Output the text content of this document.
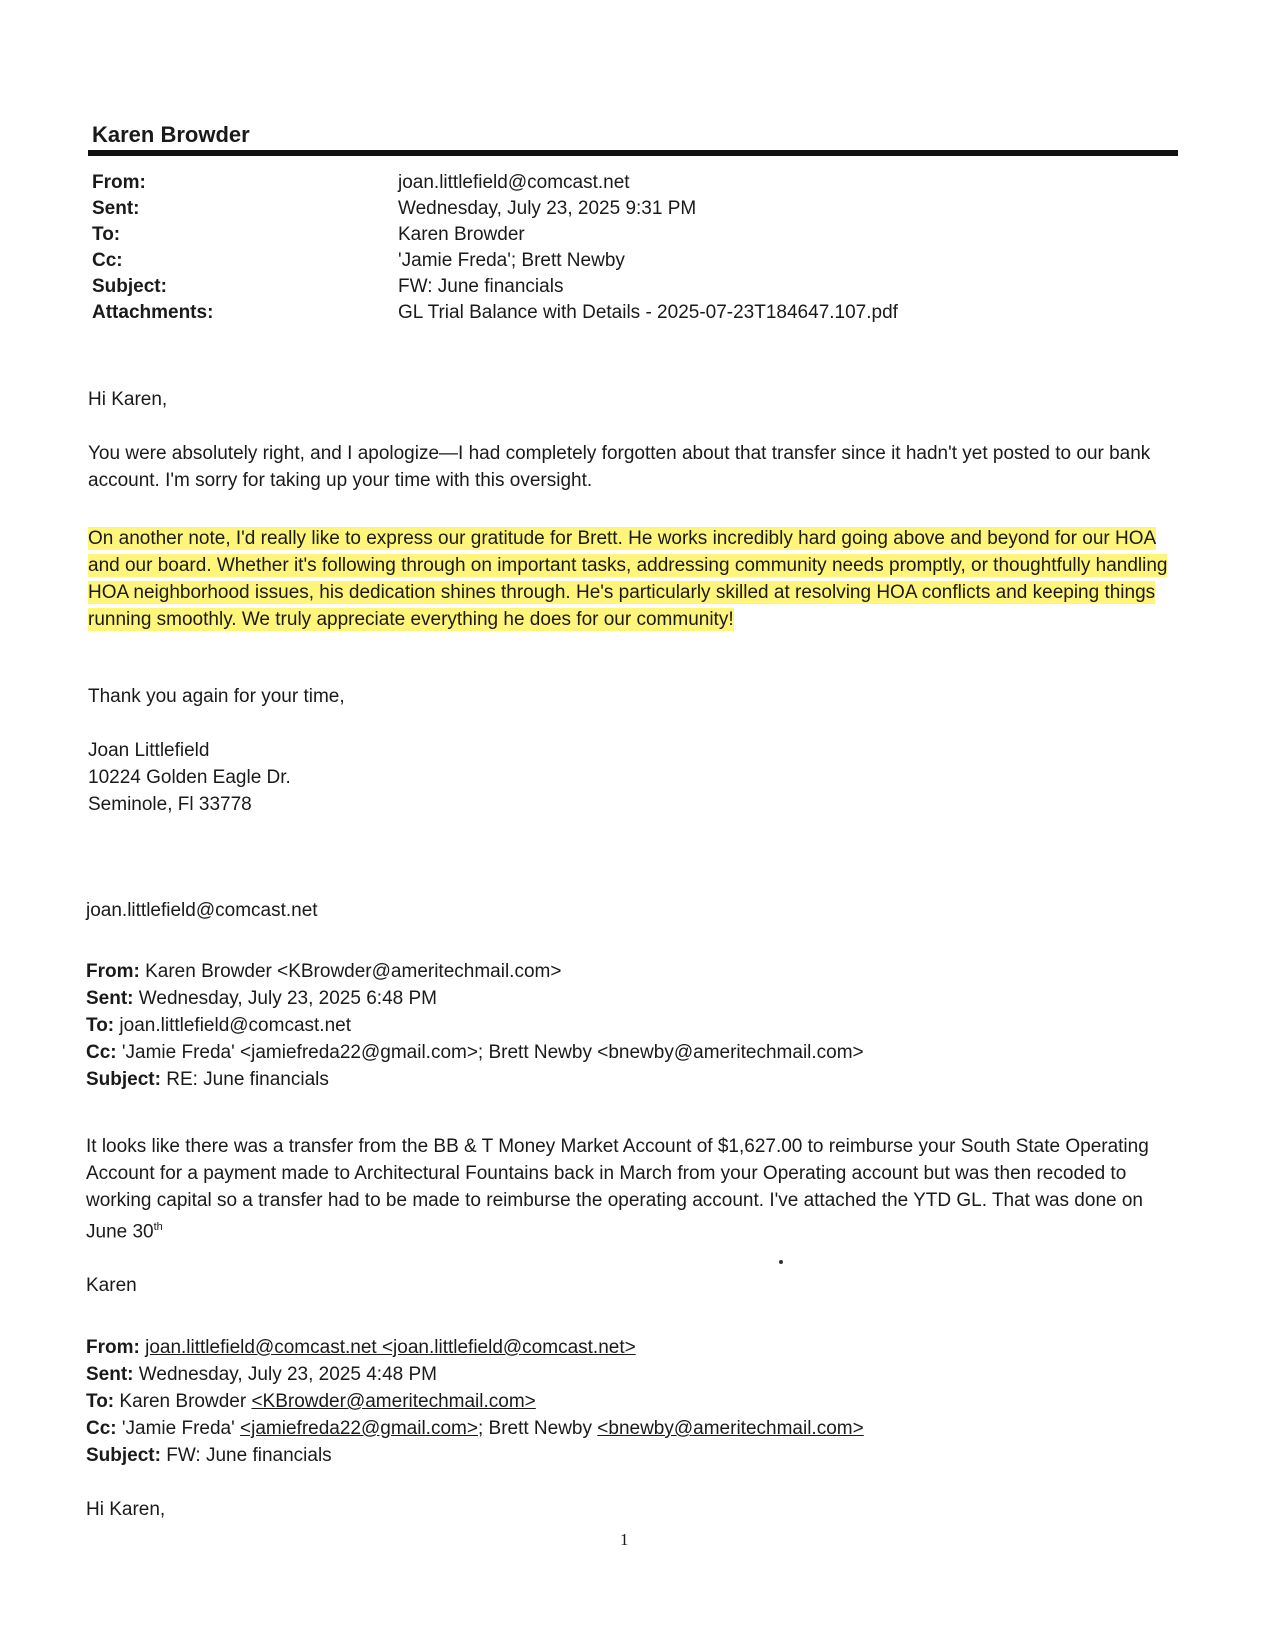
Karen Browder
From:	joan.littlefield@comcast.net
Sent:	Wednesday, July 23, 2025 9:31 PM
To:	Karen Browder
Cc:	'Jamie Freda'; Brett Newby
Subject:	FW: June financials
Attachments:	GL Trial Balance with Details - 2025-07-23T184647.107.pdf
Hi Karen,
You were absolutely right, and I apologize—I had completely forgotten about that transfer since it hadn't yet posted to our bank account. I'm sorry for taking up your time with this oversight.
On another note, I'd really like to express our gratitude for Brett. He works incredibly hard going above and beyond for our HOA and our board. Whether it's following through on important tasks, addressing community needs promptly, or thoughtfully handling HOA neighborhood issues, his dedication shines through. He's particularly skilled at resolving HOA conflicts and keeping things running smoothly. We truly appreciate everything he does for our community!
Thank you again for your time,
Joan Littlefield
10224 Golden Eagle Dr.
Seminole, Fl 33778
joan.littlefield@comcast.net
From: Karen Browder <KBrowder@ameritechmail.com>
Sent: Wednesday, July 23, 2025 6:48 PM
To: joan.littlefield@comcast.net
Cc: 'Jamie Freda' <jamiefreda22@gmail.com>; Brett Newby <bnewby@ameritechmail.com>
Subject: RE: June financials
It looks like there was a transfer from the BB & T Money Market Account of $1,627.00 to reimburse your South State Operating Account for a payment made to Architectural Fountains back in March from your Operating account but was then recoded to working capital so a transfer had to be made to reimburse the operating account. I've attached the YTD GL. That was done on June 30th
Karen
From: joan.littlefield@comcast.net <joan.littlefield@comcast.net>
Sent: Wednesday, July 23, 2025 4:48 PM
To: Karen Browder <KBrowder@ameritechmail.com>
Cc: 'Jamie Freda' <jamiefreda22@gmail.com>; Brett Newby <bnewby@ameritechmail.com>
Subject: FW: June financials
Hi Karen,
1
